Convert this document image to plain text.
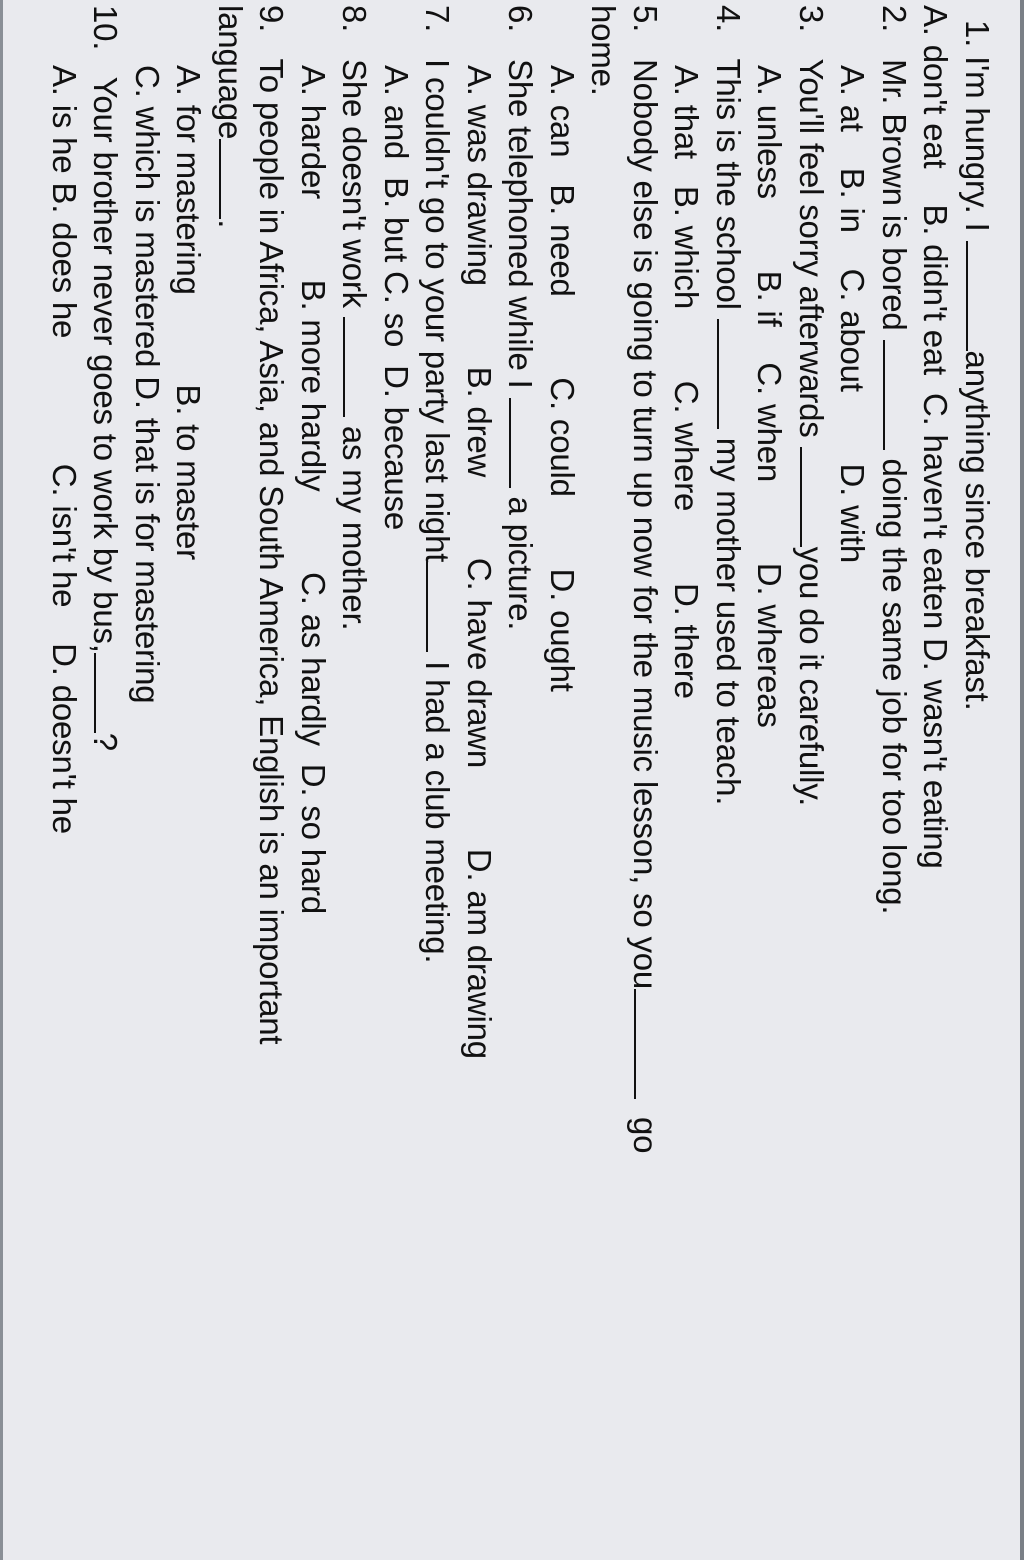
1. I'm hungry. I anything since breakfast.
A. don't eat    B. didn't eat  C. haven't eaten D. wasn't eating
2.   Mr. Brown is bored  doing the same job for too long.
A. at    B. in    C. about        D. with
3.   You'll feel sorry afterwards you do it carefully.
A. unless        B. if    C. when         D. whereas
4.   This is the school  my mother used to teach.
A. that   B. which        C. where        D. there
5.   Nobody else is going to turn up now for the music lesson, so you  go
home.
A. can   B. need         C. could        D. ought
6.   She telephoned while I  a picture.
A. was drawing         B. drew         C. have drawn         D. am drawing
7.   I couldn't go to your party last night I had a club meeting.
A. and  B. but C. so  D. because
8.   She doesn't work  as my mother.
A. harder         B. more hardly         C. as hardly  D. so hard
9.   To people in Africa, Asia, and South America, English is an important
language.
A. for mastering          B. to master
C. which is mastered D. that is for mastering
10.   Your brother never goes to work by bus,?
A. is he B. does he              C. isn't he    D. doesn't he
